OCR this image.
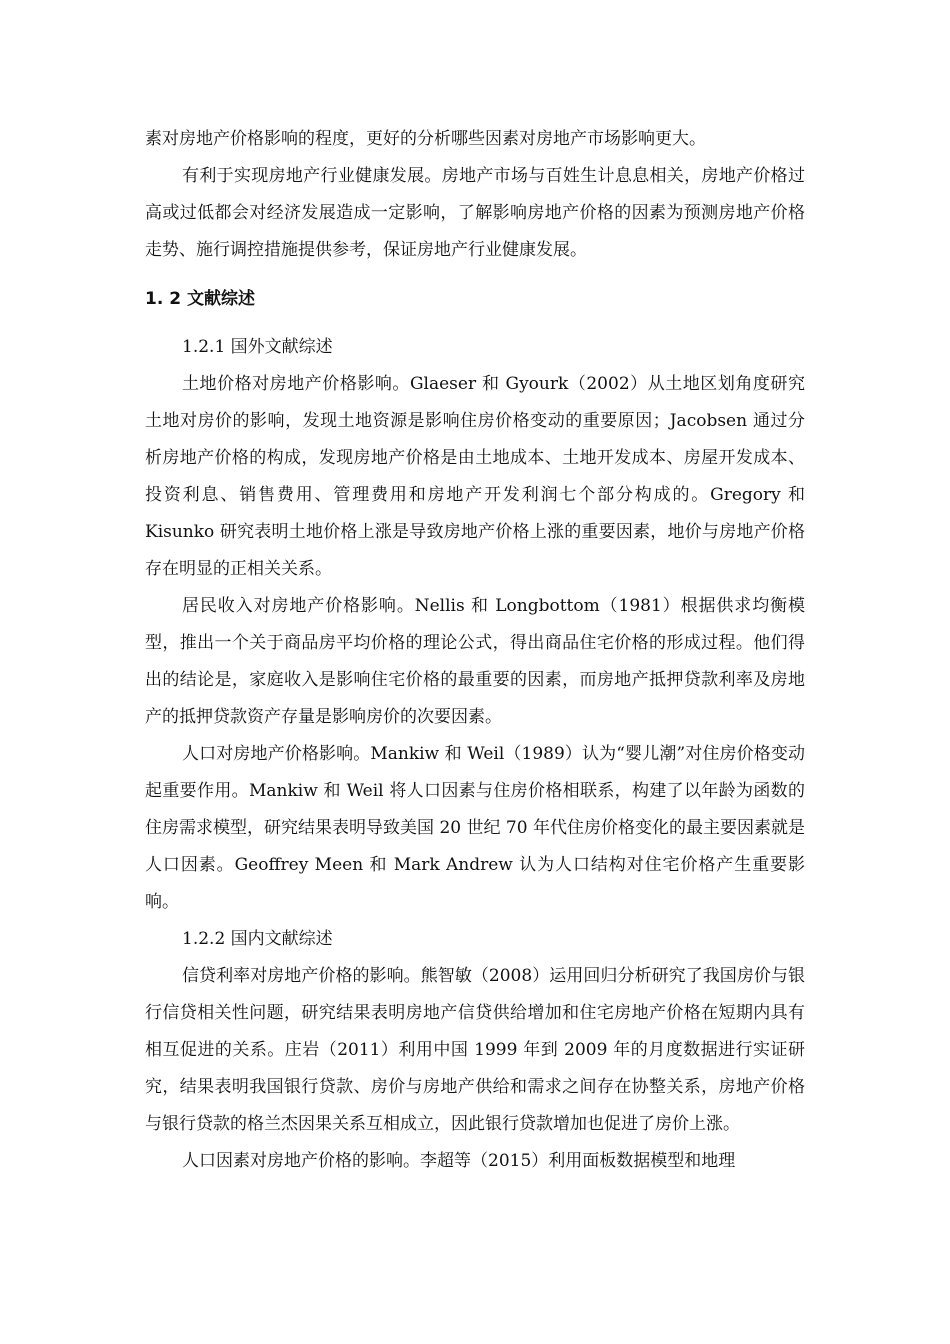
素对房地产价格影响的程度，更好的分析哪些因素对房地产市场影响更大。

有利于实现房地产行业健康发展。房地产市场与百姓生计息息相关，房地产价格过高或过低都会对经济发展造成一定影响，了解影响房地产价格的因素为预测房地产价格走势、施行调控措施提供参考，保证房地产行业健康发展。

1. 2 文献综述

1.2.1 国外文献综述

土地价格对房地产价格影响。Glaeser 和 Gyourk（2002）从土地区划角度研究土地对房价的影响，发现土地资源是影响住房价格变动的重要原因；Jacobsen 通过分析房地产价格的构成，发现房地产价格是由土地成本、土地开发成本、房屋开发成本、投资利息、销售费用、管理费用和房地产开发利润七个部分构成的。Gregory 和 Kisunko 研究表明土地价格上涨是导致房地产价格上涨的重要因素，地价与房地产价格存在明显的正相关关系。

居民收入对房地产价格影响。Nellis 和 Longbottom（1981）根据供求均衡模型，推出一个关于商品房平均价格的理论公式，得出商品住宅价格的形成过程。他们得出的结论是，家庭收入是影响住宅价格的最重要的因素，而房地产抵押贷款利率及房地产的抵押贷款资产存量是影响房价的次要因素。

人口对房地产价格影响。Mankiw 和 Weil（1989）认为“婴儿潮”对住房价格变动起重要作用。Mankiw 和 Weil 将人口因素与住房价格相联系，构建了以年龄为函数的住房需求模型，研究结果表明导致美国 20 世纪 70 年代住房价格变化的最主要因素就是人口因素。Geoffrey Meen 和 Mark Andrew 认为人口结构对住宅价格产生重要影响。

1.2.2 国内文献综述

信贷利率对房地产价格的影响。熊智敏（2008）运用回归分析研究了我国房价与银行信贷相关性问题，研究结果表明房地产信贷供给增加和住宅房地产价格在短期内具有相互促进的关系。庄岩（2011）利用中国 1999 年到 2009 年的月度数据进行实证研究，结果表明我国银行贷款、房价与房地产供给和需求之间存在协整关系，房地产价格与银行贷款的格兰杰因果关系互相成立，因此银行贷款增加也促进了房价上涨。

人口因素对房地产价格的影响。李超等（2015）利用面板数据模型和地理
